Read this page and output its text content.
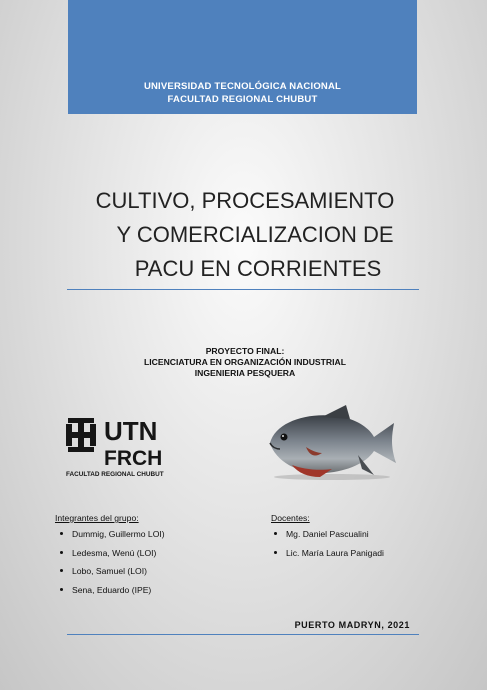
UNIVERSIDAD TECNOLÓGICA NACIONAL
FACULTAD REGIONAL CHUBUT
CULTIVO, PROCESAMIENTO
Y COMERCIALIZACION DE
PACU EN CORRIENTES
PROYECTO FINAL:
LICENCIATURA EN ORGANIZACIÓN INDUSTRIAL
INGENIERIA PESQUERA
UTN
FRCH
FACULTAD REGIONAL CHUBUT
Integrantes del grupo:
Dummig, Guillermo LOI)
Ledesma, Wenú (LOI)
Lobo, Samuel (LOI)
Sena, Eduardo (IPE)
Docentes:
Mg. Daniel Pascualini
Lic. María Laura Panigadi
PUERTO MADRYN, 2021
